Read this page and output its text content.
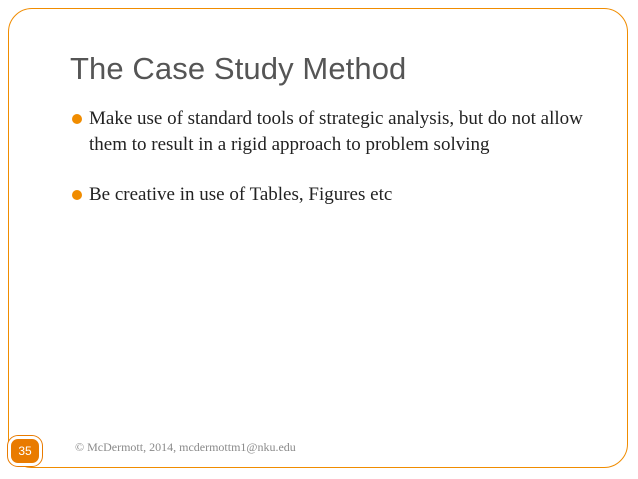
The Case Study Method
Make use of standard tools of strategic analysis, but do not allow them to result in a rigid approach to problem solving
Be creative in use of Tables, Figures etc
35	© McDermott, 2014, mcdermottm1@nku.edu
